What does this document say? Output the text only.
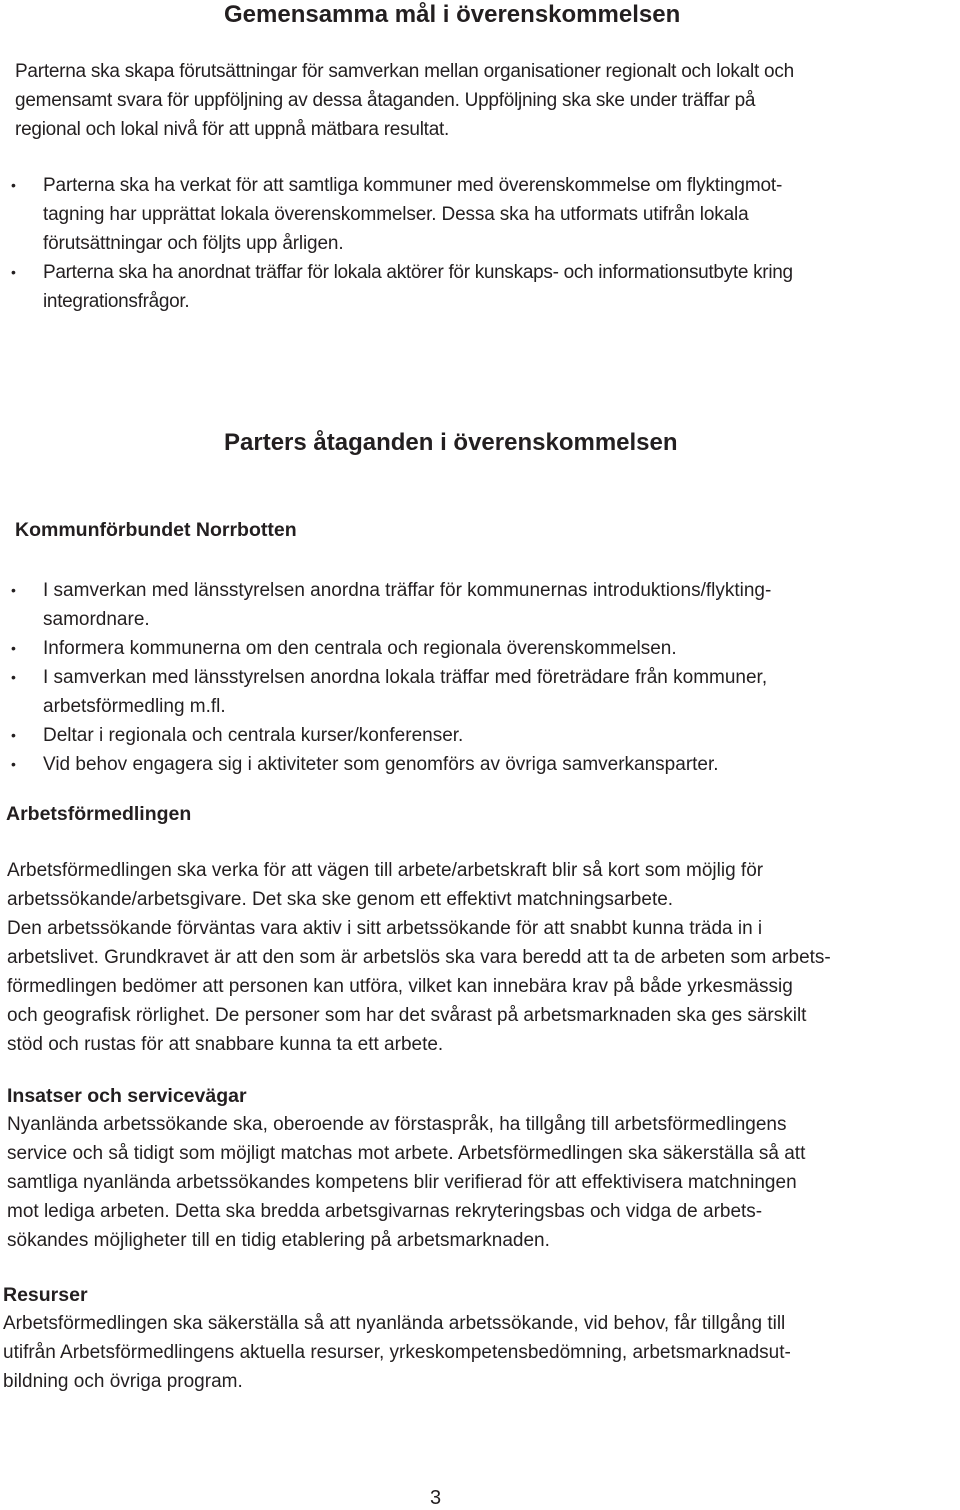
Gemensamma mål i överenskommelsen
Parterna ska skapa förutsättningar för samverkan mellan organisationer regionalt och lokalt och
gemensamt svara för uppföljning av dessa åtaganden. Uppföljning ska ske under träffar på
regional och lokal nivå för att uppnå mätbara resultat.
•	Parterna ska ha verkat för att samtliga kommuner med överenskommelse om flyktingmot-
tagning har upprättat lokala överenskommelser. Dessa ska ha utformats utifrån lokala
förutsättningar och följts upp årligen.
•	Parterna ska ha anordnat träffar för lokala aktörer för kunskaps- och informationsutbyte kring
integrationsfrågor.
Parters åtaganden i överenskommelsen
Kommunförbundet Norrbotten
•	I samverkan med länsstyrelsen anordna träffar för kommunernas introduktions/flykting-
samordnare.
•	Informera kommunerna om den centrala och regionala överenskommelsen.
•	I samverkan med länsstyrelsen anordna lokala träffar med företrädare från kommuner,
arbetsförmedling m.fl.
•	Deltar i regionala och centrala kurser/konferenser.
•	Vid behov engagera sig i aktiviteter som genomförs av övriga samverkansparter.
Arbetsförmedlingen
Arbetsförmedlingen ska verka för att vägen till arbete/arbetskraft blir så kort som möjlig för
arbetssökande/arbetsgivare. Det ska ske genom ett effektivt matchningsarbete.
Den arbetssökande förväntas vara aktiv i sitt arbetssökande för att snabbt kunna träda in i
arbetslivet. Grundkravet är att den som är arbetslös ska vara beredd att ta de arbeten som arbets-
förmedlingen bedömer att personen kan utföra, vilket kan innebära krav på både yrkesmässig
och geografisk rörlighet. De personer som har det svårast på arbetsmarknaden ska ges särskilt
stöd och rustas för att snabbare kunna ta ett arbete.
Insatser och servicevägar
Nyanlända arbetssökande ska, oberoende av förstaspråk, ha tillgång till arbetsförmedlingens
service och så tidigt som möjligt matchas mot arbete. Arbetsförmedlingen ska säkerställa så att
samtliga nyanlända arbetssökandes kompetens blir verifierad för att effektivisera matchningen
mot lediga arbeten. Detta ska bredda arbetsgivarnas rekryteringsbas och vidga de arbets-
sökandes möjligheter till en tidig etablering på arbetsmarknaden.
Resurser
Arbetsförmedlingen ska säkerställa så att nyanlända arbetssökande, vid behov, får tillgång till
utifrån Arbetsförmedlingens aktuella resurser, yrkeskompetensbedömning, arbetsmarknadsut-
bildning och övriga program.
3
